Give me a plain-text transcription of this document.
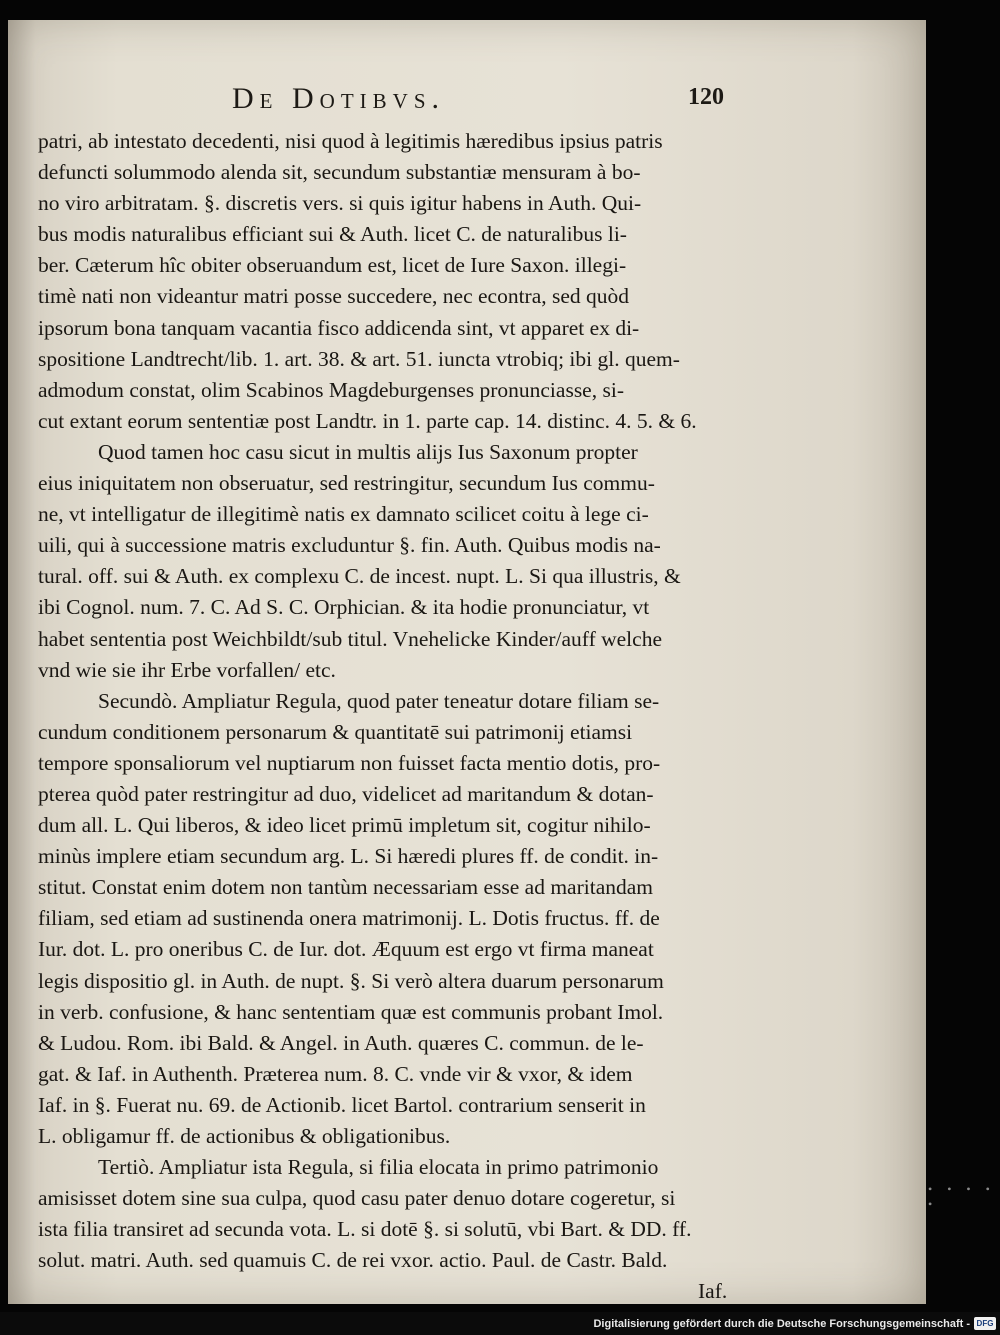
• • • • •
De Dotibvs.	120
patri, ab intestato decedenti, nisi quod à legitimis hæredibus ipsius patris
defuncti solummodo alenda sit, secundum substantiæ mensuram à bo-
no viro arbitratam. §. discretis vers. si quis igitur habens in Auth. Qui-
bus modis naturalibus efficiant sui & Auth. licet C. de naturalibus li-
ber. Cæterum hîc obiter obseruandum est, licet de Iure Saxon. illegi-
timè nati non videantur matri posse succedere, nec econtra, sed quòd
ipsorum bona tanquam vacantia fisco addicenda sint, vt apparet ex di-
spositione Landtrecht/lib. 1. art. 38. & art. 51. iuncta vtrobiq; ibi gl. quem-
admodum constat, olim Scabinos Magdeburgenses pronunciasse, si-
cut extant eorum sententiæ post Landtr. in 1. parte cap. 14. distinc. 4. 5. & 6.
Quod tamen hoc casu sicut in multis alijs Ius Saxonum propter
eius iniquitatem non obseruatur, sed restringitur, secundum Ius commu-
ne, vt intelligatur de illegitimè natis ex damnato scilicet coitu à lege ci-
uili, qui à successione matris excluduntur §. fin. Auth. Quibus modis na-
tural. off. sui & Auth. ex complexu C. de incest. nupt. L. Si qua illustris, &
ibi Cognol. num. 7. C. Ad S. C. Orphician. & ita hodie pronunciatur, vt
habet sententia post Weichbildt/sub titul. Vnehelicke Kinder/auff welche
vnd wie sie ihr Erbe vorfallen/ etc.
Secundò. Ampliatur Regula, quod pater teneatur dotare filiam se-
cundum conditionem personarum & quantitatē sui patrimonij etiamsi
tempore sponsaliorum vel nuptiarum non fuisset facta mentio dotis, pro-
pterea quòd pater restringitur ad duo, videlicet ad maritandum & dotan-
dum all. L. Qui liberos, & ideo licet primū impletum sit, cogitur nihilo-
minùs implere etiam secundum arg. L. Si hæredi plures ff. de condit. in-
stitut. Constat enim dotem non tantùm necessariam esse ad maritandam
filiam, sed etiam ad sustinenda onera matrimonij. L. Dotis fructus. ff. de
Iur. dot. L. pro oneribus C. de Iur. dot. Æquum est ergo vt firma maneat
legis dispositio gl. in Auth. de nupt. §. Si verò altera duarum personarum
in verb. confusione, & hanc sententiam quæ est communis probant Imol.
& Ludou. Rom. ibi Bald. & Angel. in Auth. quæres C. commun. de le-
gat. & Iaf. in Authenth. Præterea num. 8. C. vnde vir & vxor, & idem
Iaf. in §. Fuerat nu. 69. de Actionib. licet Bartol. contrarium senserit in
L. obligamur ff. de actionibus & obligationibus.
Tertiò. Ampliatur ista Regula, si filia elocata in primo patrimonio
amisisset dotem sine sua culpa, quod casu pater denuo dotare cogeretur, si
ista filia transiret ad secunda vota. L. si dotē §. si solutū, vbi Bart. & DD. ff.
solut. matri. Auth. sed quamuis C. de rei vxor. actio. Paul. de Castr. Bald.
Iaf.
Digitalisierung gefördert durch die Deutsche Forschungsgemeinschaft - DFG
